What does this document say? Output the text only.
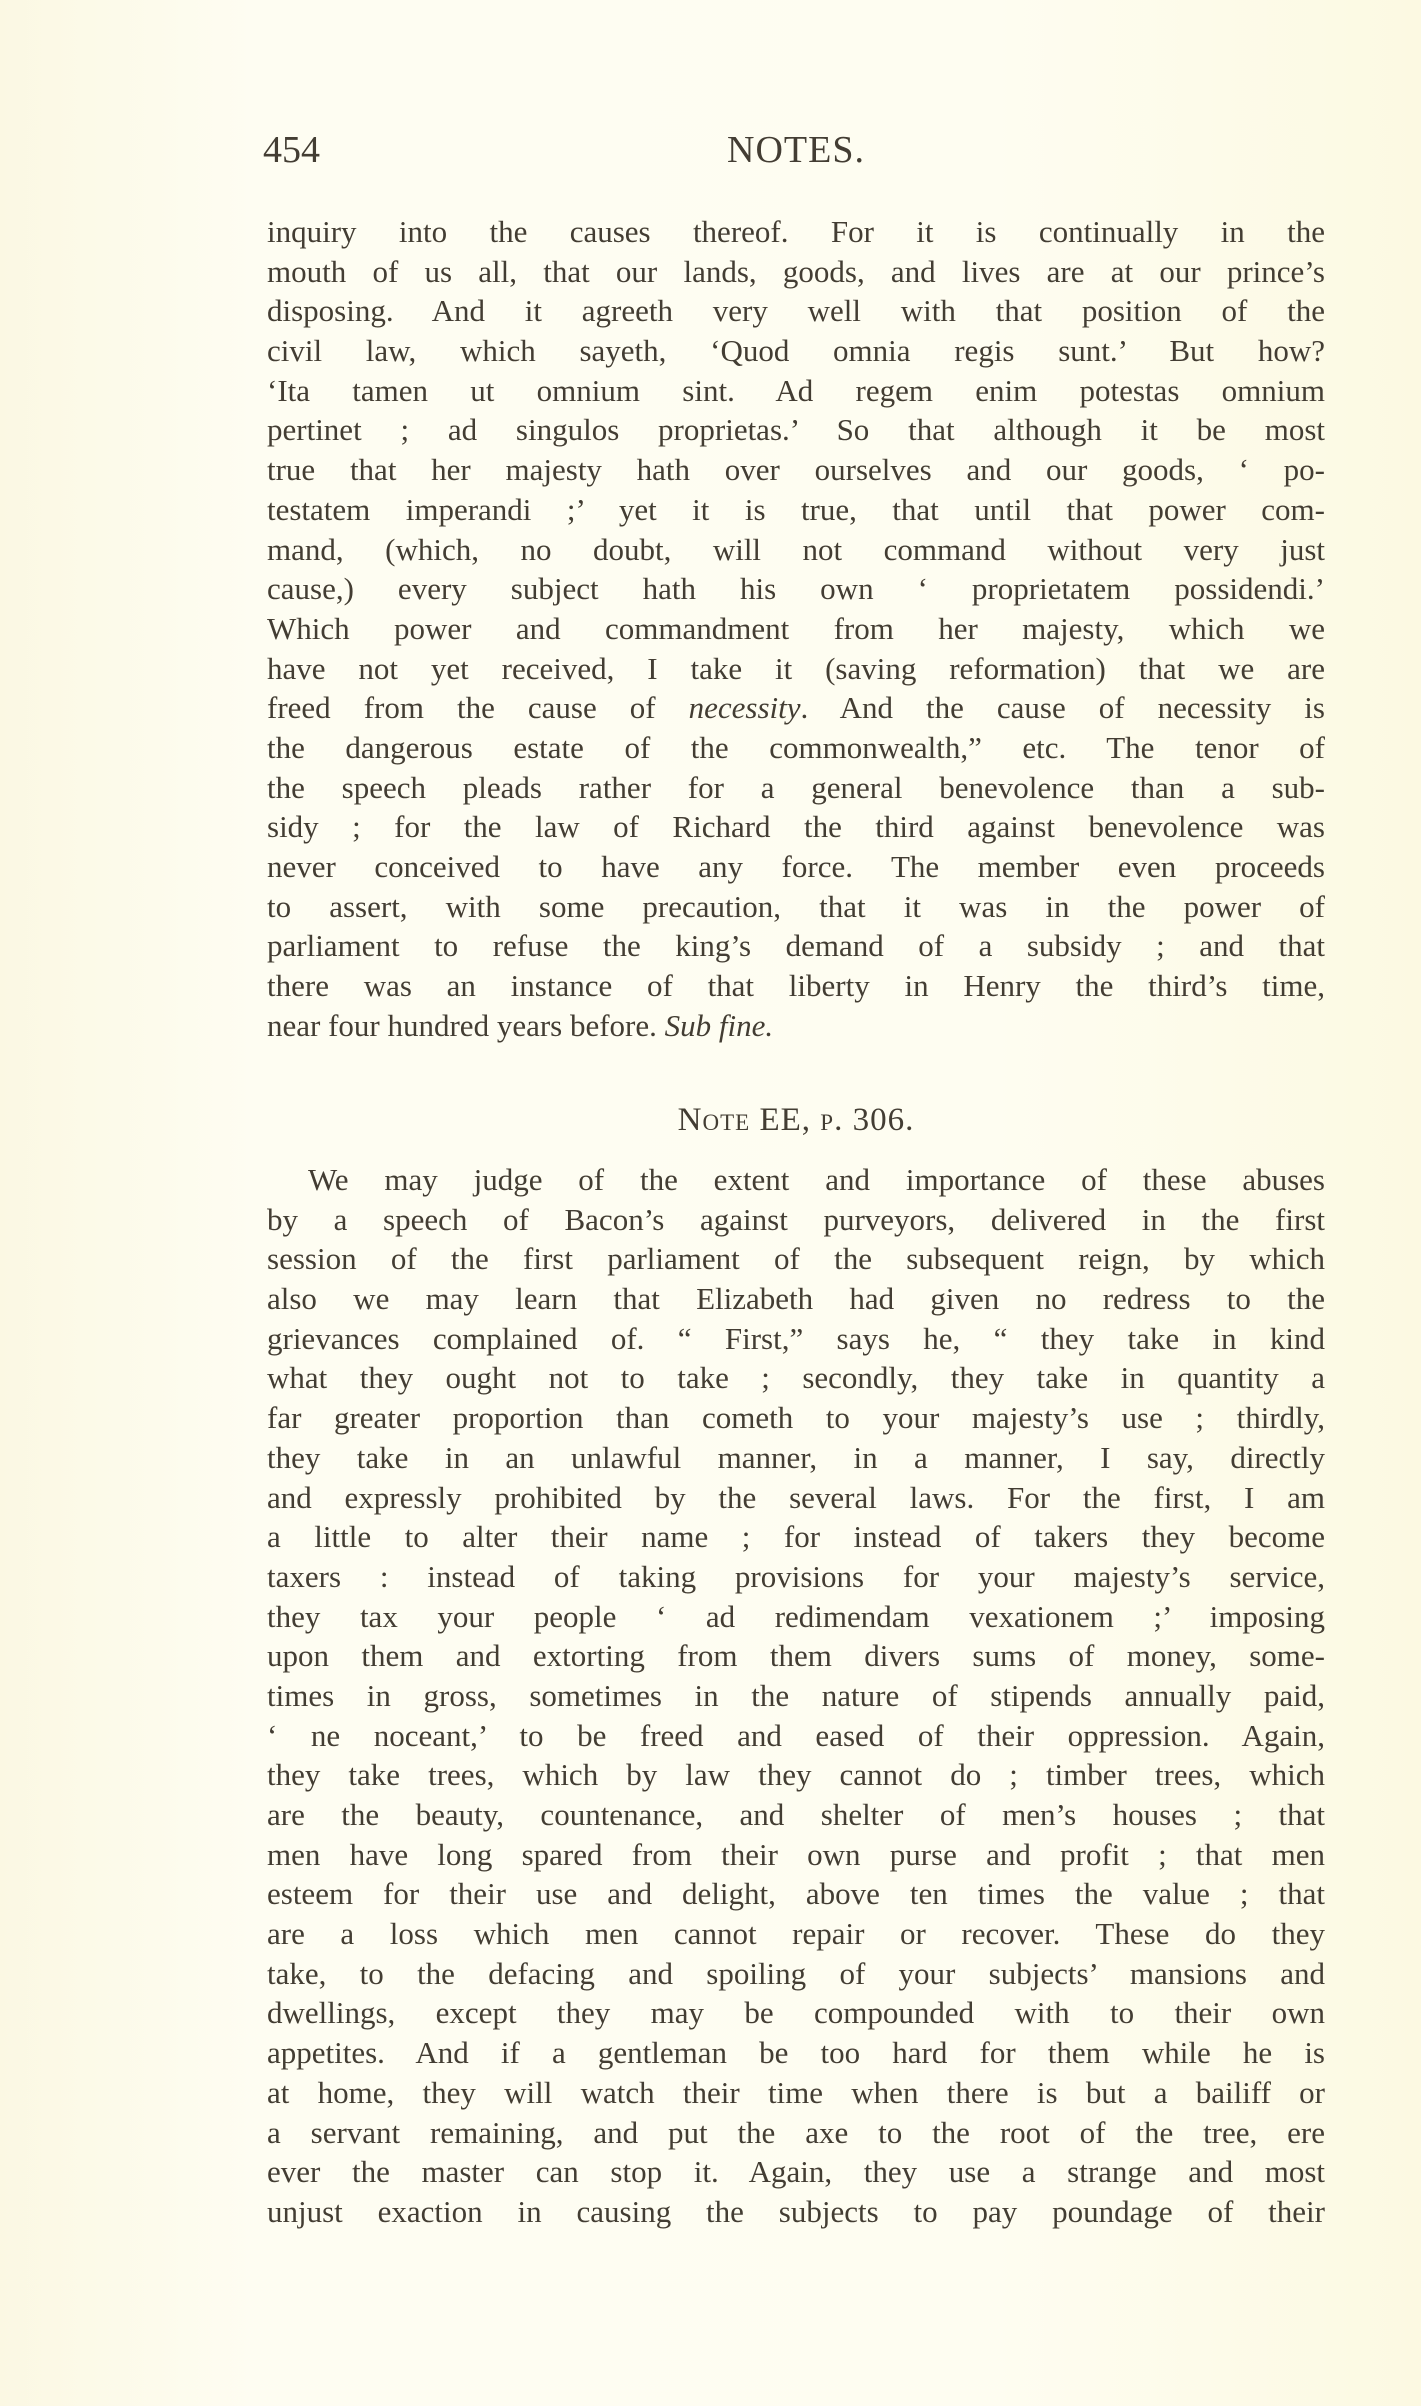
454	NOTES.
inquiry into the causes thereof. For it is continually in the
mouth of us all, that our lands, goods, and lives are at our prince’s
disposing. And it agreeth very well with that position of the
civil law, which sayeth, ‘Quod omnia regis sunt.’ But how?
‘Ita tamen ut omnium sint. Ad regem enim potestas omnium
pertinet ; ad singulos proprietas.’ So that although it be most
true that her majesty hath over ourselves and our goods, ‘ po-
testatem imperandi ;’ yet it is true, that until that power com-
mand, (which, no doubt, will not command without very just
cause,) every subject hath his own ‘ proprietatem possidendi.’
Which power and commandment from her majesty, which we
have not yet received, I take it (saving reformation) that we are
freed from the cause of necessity. And the cause of necessity is
the dangerous estate of the commonwealth,” etc. The tenor of
the speech pleads rather for a general benevolence than a sub-
sidy ; for the law of Richard the third against benevolence was
never conceived to have any force. The member even proceeds
to assert, with some precaution, that it was in the power of
parliament to refuse the king’s demand of a subsidy ; and that
there was an instance of that liberty in Henry the third’s time,
near four hundred years before. Sub fine.
Note EE, p. 306.
We may judge of the extent and importance of these abuses
by a speech of Bacon’s against purveyors, delivered in the first
session of the first parliament of the subsequent reign, by which
also we may learn that Elizabeth had given no redress to the
grievances complained of. “ First,” says he, “ they take in kind
what they ought not to take ; secondly, they take in quantity a
far greater proportion than cometh to your majesty’s use ; thirdly,
they take in an unlawful manner, in a manner, I say, directly
and expressly prohibited by the several laws. For the first, I am
a little to alter their name ; for instead of takers they become
taxers : instead of taking provisions for your majesty’s service,
they tax your people ‘ ad redimendam vexationem ;’ imposing
upon them and extorting from them divers sums of money, some-
times in gross, sometimes in the nature of stipends annually paid,
‘ ne noceant,’ to be freed and eased of their oppression. Again,
they take trees, which by law they cannot do ; timber trees, which
are the beauty, countenance, and shelter of men’s houses ; that
men have long spared from their own purse and profit ; that men
esteem for their use and delight, above ten times the value ; that
are a loss which men cannot repair or recover. These do they
take, to the defacing and spoiling of your subjects’ mansions and
dwellings, except they may be compounded with to their own
appetites. And if a gentleman be too hard for them while he is
at home, they will watch their time when there is but a bailiff or
a servant remaining, and put the axe to the root of the tree, ere
ever the master can stop it. Again, they use a strange and most
unjust exaction in causing the subjects to pay poundage of their
